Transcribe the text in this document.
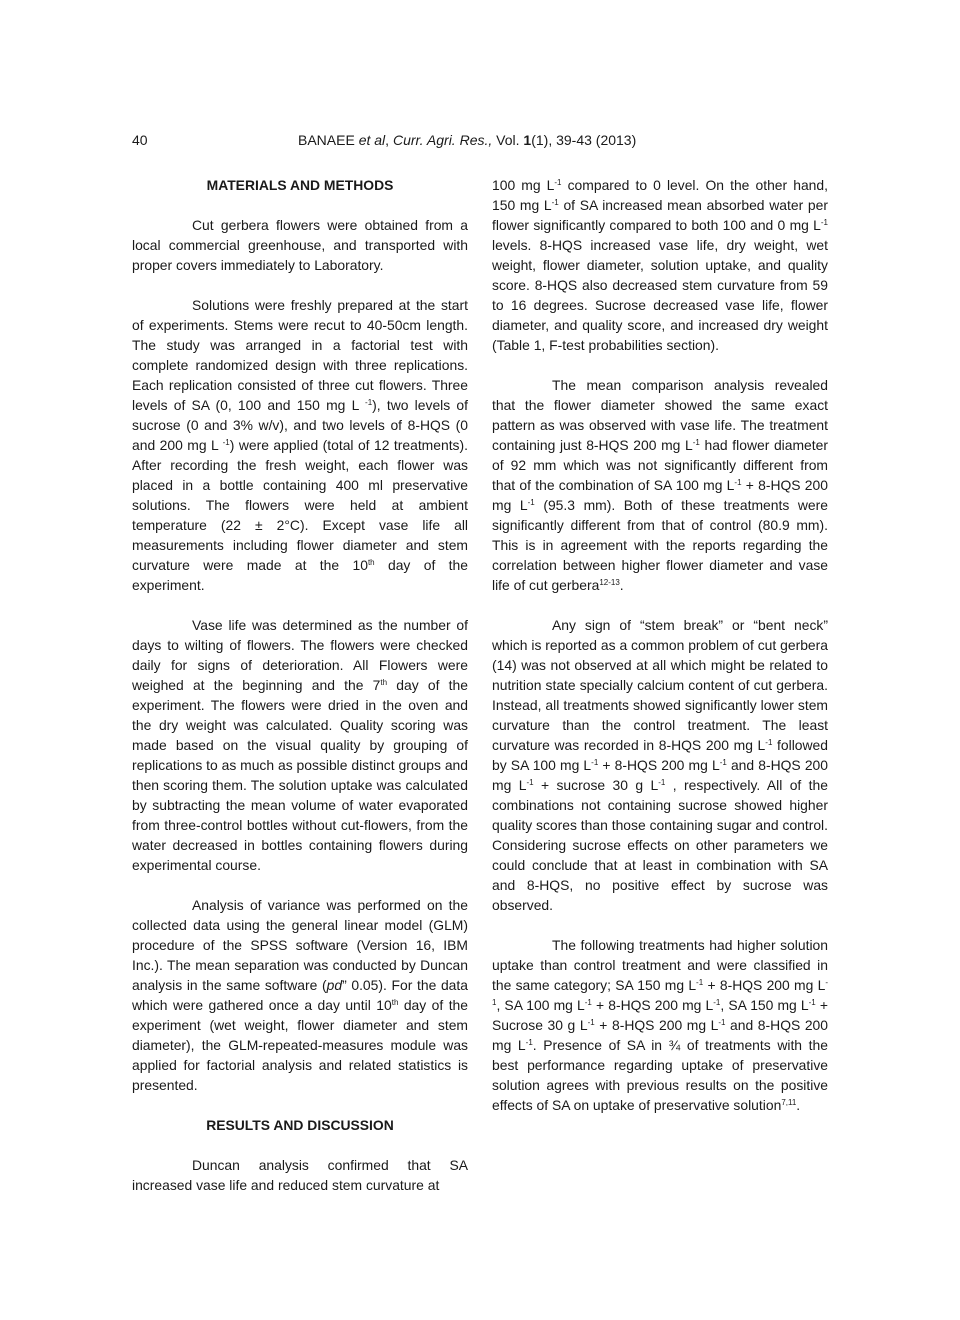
40	BANAEE et al, Curr. Agri. Res., Vol. 1(1), 39-43 (2013)
MATERIALS AND METHODS

Cut gerbera flowers were obtained from a local commercial greenhouse, and transported with proper covers immediately to Laboratory.

Solutions were freshly prepared at the start of experiments. Stems were recut to 40-50cm length. The study was arranged in a factorial test with complete randomized design with three replications. Each replication consisted of three cut flowers. Three levels of SA (0, 100 and 150 mg L $^{-1}$), two levels of sucrose (0 and 3% w/v), and two levels of 8-HQS (0 and 200 mg L $^{-1}$) were applied (total of 12 treatments). After recording the fresh weight, each flower was placed in a bottle containing 400 ml preservative solutions. The flowers were held at ambient temperature (22 ± 2°C). Except vase life all measurements including flower diameter and stem curvature were made at the 10th day of the experiment.

Vase life was determined as the number of days to wilting of flowers. The flowers were checked daily for signs of deterioration. All Flowers were weighed at the beginning and the 7th day of the experiment. The flowers were dried in the oven and the dry weight was calculated. Quality scoring was made based on the visual quality by grouping of replications to as much as possible distinct groups and then scoring them. The solution uptake was calculated by subtracting the mean volume of water evaporated from three-control bottles without cut-flowers, from the water decreased in bottles containing flowers during experimental course.

Analysis of variance was performed on the collected data using the general linear model (GLM) procedure of the SPSS software (Version 16, IBM Inc.). The mean separation was conducted by Duncan analysis in the same software (pd” 0.05). For the data which were gathered once a day until 10th day of the experiment (wet weight, flower diameter and stem diameter), the GLM-repeated-measures module was applied for factorial analysis and related statistics is presented.

RESULTS AND DISCUSSION

Duncan analysis confirmed that SA increased vase life and reduced stem curvature at

100 mg $L^{-1}$ compared to 0 level. On the other hand, 150 mg $L^{-1}$ of SA increased mean absorbed water per flower significantly compared to both 100 and 0 mg $L^{-1}$ levels. 8-HQS increased vase life, dry weight, wet weight, flower diameter, solution uptake, and quality score. 8-HQS also decreased stem curvature from 59 to 16 degrees. Sucrose decreased vase life, flower diameter, and quality score, and increased dry weight (Table 1, F-test probabilities section).

The mean comparison analysis revealed that the flower diameter showed the same exact pattern as was observed with vase life. The treatment containing just 8-HQS 200 mg $L^{-1}$ had flower diameter of 92 mm which was not significantly different from that of the combination of SA 100 mg $L^{-1} + 8-HQS$ 200 mg $L^{-1}$ (95.3 mm). Both of these treatments were significantly different from that of control (80.9 mm). This is in agreement with the reports regarding the correlation between higher flower diameter and vase life of cut gerbera$^{12-13}$.

Any sign of “stem break” or “bent neck” which is reported as a common problem of cut gerbera (14) was not observed at all which might be related to nutrition state specially calcium content of cut gerbera. Instead, all treatments showed significantly lower stem curvature than the control treatment. The least curvature was recorded in 8-HQS 200 mg $L^{-1}$ followed by SA 100 mg $L^{-1} + 8-HQS$ 200 mg $L^{-1}$ and 8-HQS 200 mg $L^{-1}$ + sucrose 30 g $L^{-1}$ , respectively. All of the combinations not containing sucrose showed higher quality scores than those containing sugar and control. Considering sucrose effects on other parameters we could conclude that at least in combination with SA and 8-HQS, no positive effect by sucrose was observed.

The following treatments had higher solution uptake than control treatment and were classified in the same category; SA 150 mg $L^{-1} + 8-HQS$ 200 mg $L^{-1}$, SA 100 mg $L^{-1} + 8-HQS$ 200 mg $L^{-1}$, SA 150 mg $L^{-1}$ + Sucrose 30 g $L^{-1} + 8-HQS$ 200 mg $L^{-1}$ and 8-HQS 200 mg $L^{-1}$. Presence of SA in ¾ of treatments with the best performance regarding uptake of preservative solution agrees with previous results on the positive effects of SA on uptake of preservative solution$^{7,11}$.
